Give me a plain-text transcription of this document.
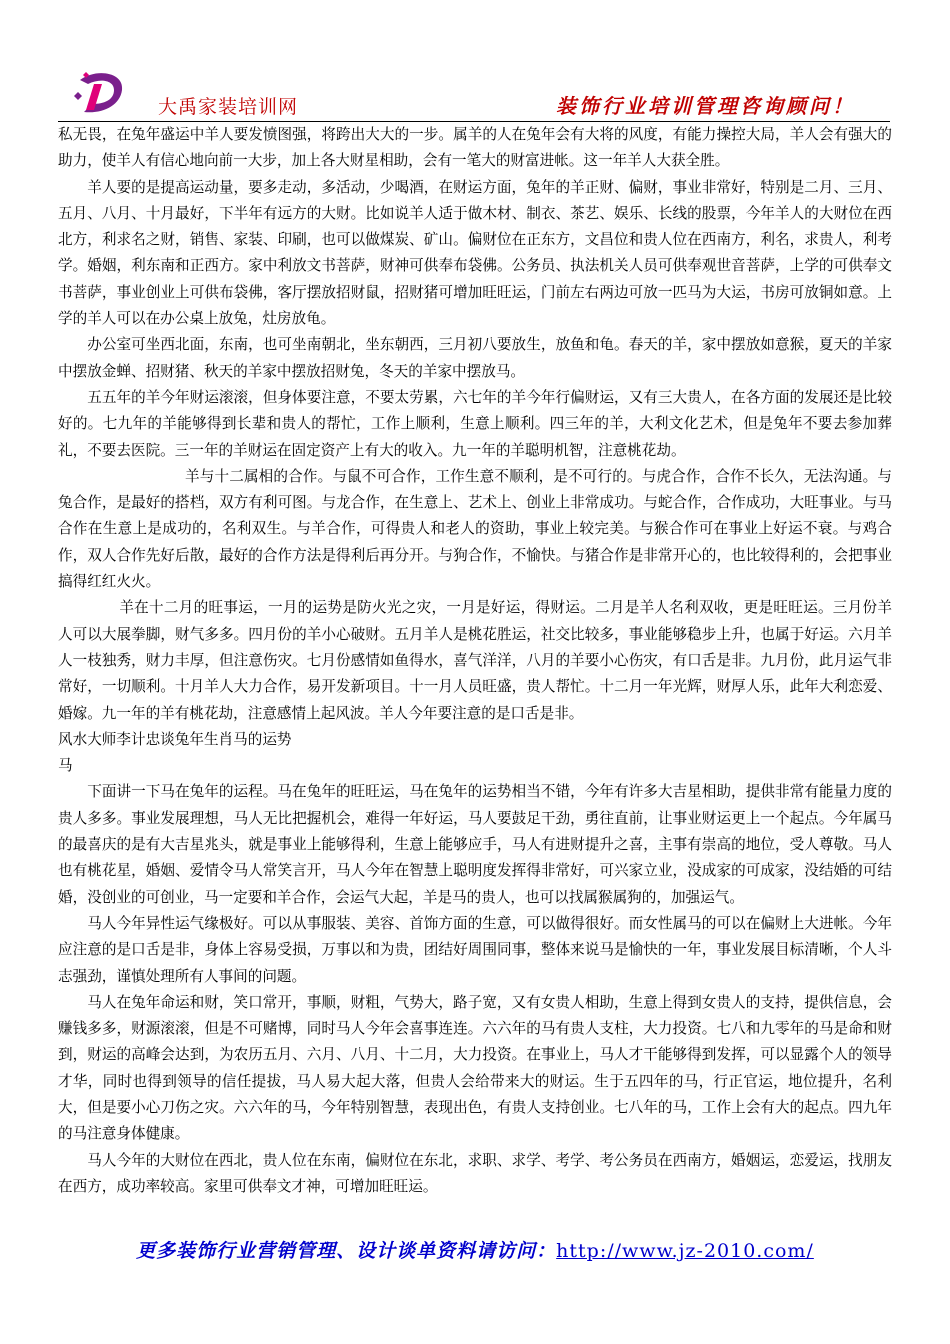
大禹家装培训网	装饰行业培训管理咨询顾问！

私无畏，在兔年盛运中羊人要发愤图强，将跨出大大的一步。属羊的人在兔年会有大将的风度，有能力操控大局，羊人会有强大的助力，使羊人有信心地向前一大步，加上各大财星相助，会有一笔大的财富进帐。这一年羊人大获全胜。

羊人要的是提高运动量，要多走动，多活动，少喝酒，在财运方面，兔年的羊正财、偏财，事业非常好，特别是二月、三月、五月、八月、十月最好，下半年有远方的大财。比如说羊人适于做木材、制衣、茶艺、娱乐、长线的股票，今年羊人的大财位在西北方，利求名之财，销售、家装、印刷，也可以做煤炭、矿山。偏财位在正东方，文昌位和贵人位在西南方，利名，求贵人，利考学。婚姻，利东南和正西方。家中利放文书菩萨，财神可供奉布袋佛。公务员、执法机关人员可供奉观世音菩萨，上学的可供奉文书菩萨，事业创业上可供布袋佛，客厅摆放招财鼠，招财猪可增加旺旺运，门前左右两边可放一匹马为大运，书房可放铜如意。上学的羊人可以在办公桌上放兔，灶房放龟。

办公室可坐西北面，东南，也可坐南朝北，坐东朝西，三月初八要放生，放鱼和龟。春天的羊，家中摆放如意猴，夏天的羊家中摆放金蝉、招财猪、秋天的羊家中摆放招财兔，冬天的羊家中摆放马。

五五年的羊今年财运滚滚，但身体要注意，不要太劳累，六七年的羊今年行偏财运，又有三大贵人，在各方面的发展还是比较好的。七九年的羊能够得到长辈和贵人的帮忙，工作上顺利，生意上顺利。四三年的羊，大利文化艺术，但是兔年不要去参加葬礼，不要去医院。三一年的羊财运在固定资产上有大的收入。九一年的羊聪明机智，注意桃花劫。

羊与十二属相的合作。与鼠不可合作，工作生意不顺利，是不可行的。与虎合作，合作不长久，无法沟通。与兔合作，是最好的搭档，双方有利可图。与龙合作，在生意上、艺术上、创业上非常成功。与蛇合作，合作成功，大旺事业。与马合作在生意上是成功的，名利双生。与羊合作，可得贵人和老人的资助，事业上较完美。与猴合作可在事业上好运不衰。与鸡合作，双人合作先好后散，最好的合作方法是得利后再分开。与狗合作，不愉快。与猪合作是非常开心的，也比较得利的，会把事业搞得红红火火。

羊在十二月的旺事运，一月的运势是防火光之灾，一月是好运，得财运。二月是羊人名利双收，更是旺旺运。三月份羊人可以大展拳脚，财气多多。四月份的羊小心破财。五月羊人是桃花胜运，社交比较多，事业能够稳步上升，也属于好运。六月羊人一枝独秀，财力丰厚，但注意伤灾。七月份感情如鱼得水，喜气洋洋，八月的羊要小心伤灾，有口舌是非。九月份，此月运气非常好，一切顺利。十月羊人大力合作，易开发新项目。十一月人员旺盛，贵人帮忙。十二月一年光辉，财厚人乐，此年大利恋爱、婚嫁。九一年的羊有桃花劫，注意感情上起风波。羊人今年要注意的是口舌是非。

风水大师李计忠谈兔年生肖马的运势

马

下面讲一下马在兔年的运程。马在兔年的旺旺运，马在兔年的运势相当不错，今年有许多大吉星相助，提供非常有能量力度的贵人多多。事业发展理想，马人无比把握机会，难得一年好运，马人要鼓足干劲，勇往直前，让事业财运更上一个起点。今年属马的最喜庆的是有大吉星兆头，就是事业上能够得利，生意上能够应手，马人有进财提升之喜，主事有崇高的地位，受人尊敬。马人也有桃花星，婚姻、爱情令马人常笑言开，马人今年在智慧上聪明度发挥得非常好，可兴家立业，没成家的可成家，没结婚的可结婚，没创业的可创业，马一定要和羊合作，会运气大起，羊是马的贵人，也可以找属猴属狗的，加强运气。

马人今年异性运气缘极好。可以从事服装、美容、首饰方面的生意，可以做得很好。而女性属马的可以在偏财上大进帐。今年应注意的是口舌是非，身体上容易受损，万事以和为贵，团结好周围同事，整体来说马是愉快的一年，事业发展目标清晰，个人斗志强劲，谨慎处理所有人事间的问题。

马人在兔年命运和财，笑口常开，事顺，财粗，气势大，路子宽，又有女贵人相助，生意上得到女贵人的支持，提供信息，会赚钱多多，财源滚滚，但是不可赌博，同时马人今年会喜事连连。六六年的马有贵人支柱，大力投资。七八和九零年的马是命和财到，财运的高峰会达到，为农历五月、六月、八月、十二月，大力投资。在事业上，马人才干能够得到发挥，可以显露个人的领导才华，同时也得到领导的信任提拔，马人易大起大落，但贵人会给带来大的财运。生于五四年的马，行正官运，地位提升，名利大，但是要小心刀伤之灾。六六年的马，今年特别智慧，表现出色，有贵人支持创业。七八年的马，工作上会有大的起点。四九年的马注意身体健康。

马人今年的大财位在西北，贵人位在东南，偏财位在东北，求职、求学、考学、考公务员在西南方，婚姻运，恋爱运，找朋友在西方，成功率较高。家里可供奉文才神，可增加旺旺运。

更多装饰行业营销管理、设计谈单资料请访问：http://www.jz-2010.com/
